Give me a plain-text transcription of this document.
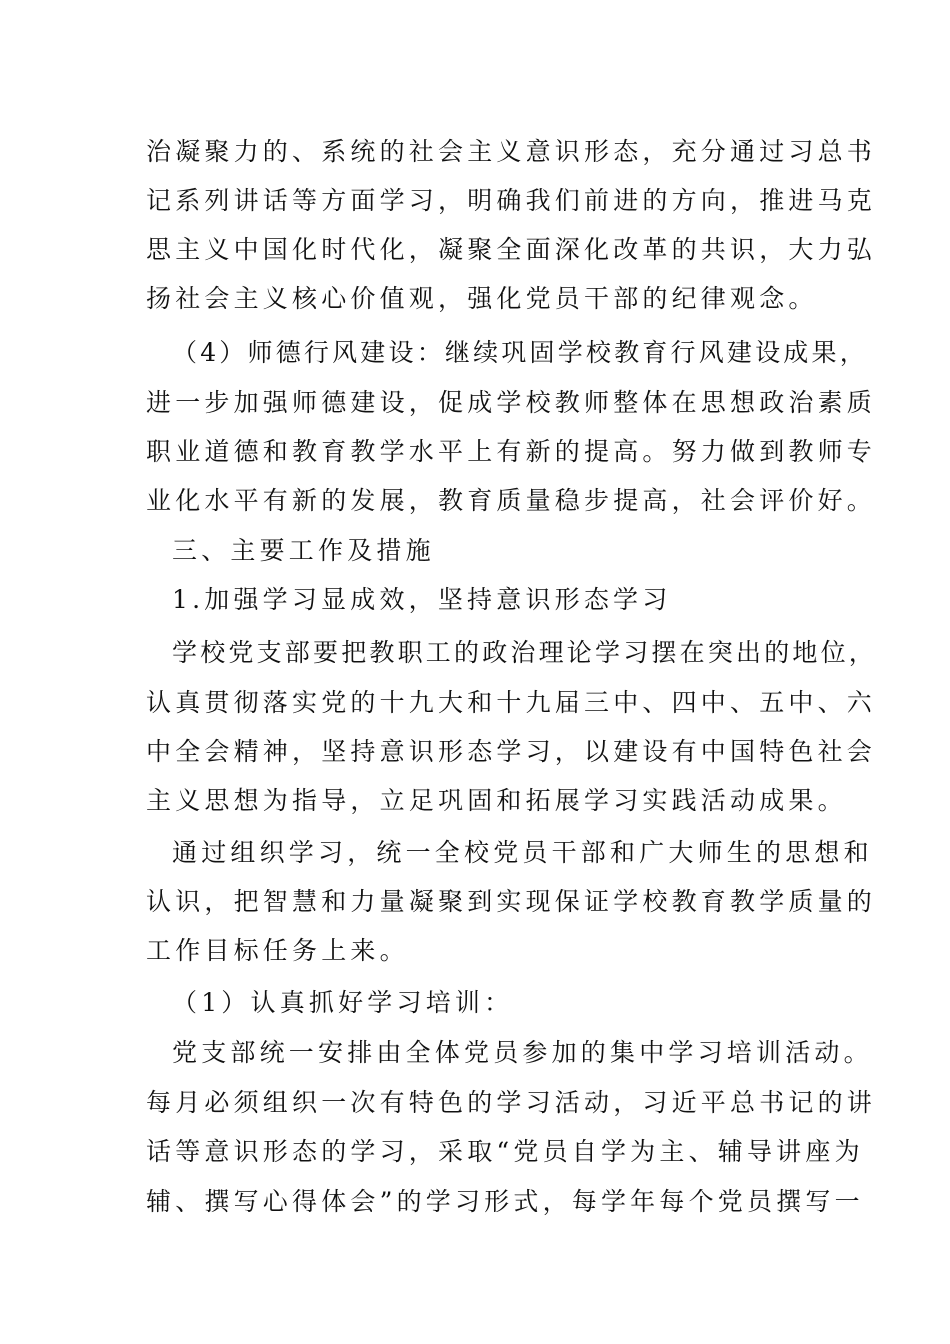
治凝聚力的、系统的社会主义意识形态，充分通过习总书
记系列讲话等方面学习，明确我们前进的方向，推进马克
思主义中国化时代化，凝聚全面深化改革的共识，大力弘
扬社会主义核心价值观，强化党员干部的纪律观念。
（4）师德行风建设：继续巩固学校教育行风建设成果，
进一步加强师德建设，促成学校教师整体在思想政治素质
职业道德和教育教学水平上有新的提高。努力做到教师专
业化水平有新的发展，教育质量稳步提高，社会评价好。
三、主要工作及措施
1.加强学习显成效，坚持意识形态学习
学校党支部要把教职工的政治理论学习摆在突出的地位，
认真贯彻落实党的十九大和十九届三中、四中、五中、六
中全会精神，坚持意识形态学习，以建设有中国特色社会
主义思想为指导，立足巩固和拓展学习实践活动成果。
通过组织学习，统一全校党员干部和广大师生的思想和
认识，把智慧和力量凝聚到实现保证学校教育教学质量的
工作目标任务上来。
（1）认真抓好学习培训：
党支部统一安排由全体党员参加的集中学习培训活动。
每月必须组织一次有特色的学习活动，习近平总书记的讲
话等意识形态的学习，采取“党员自学为主、辅导讲座为
辅、撰写心得体会”的学习形式，每学年每个党员撰写一
